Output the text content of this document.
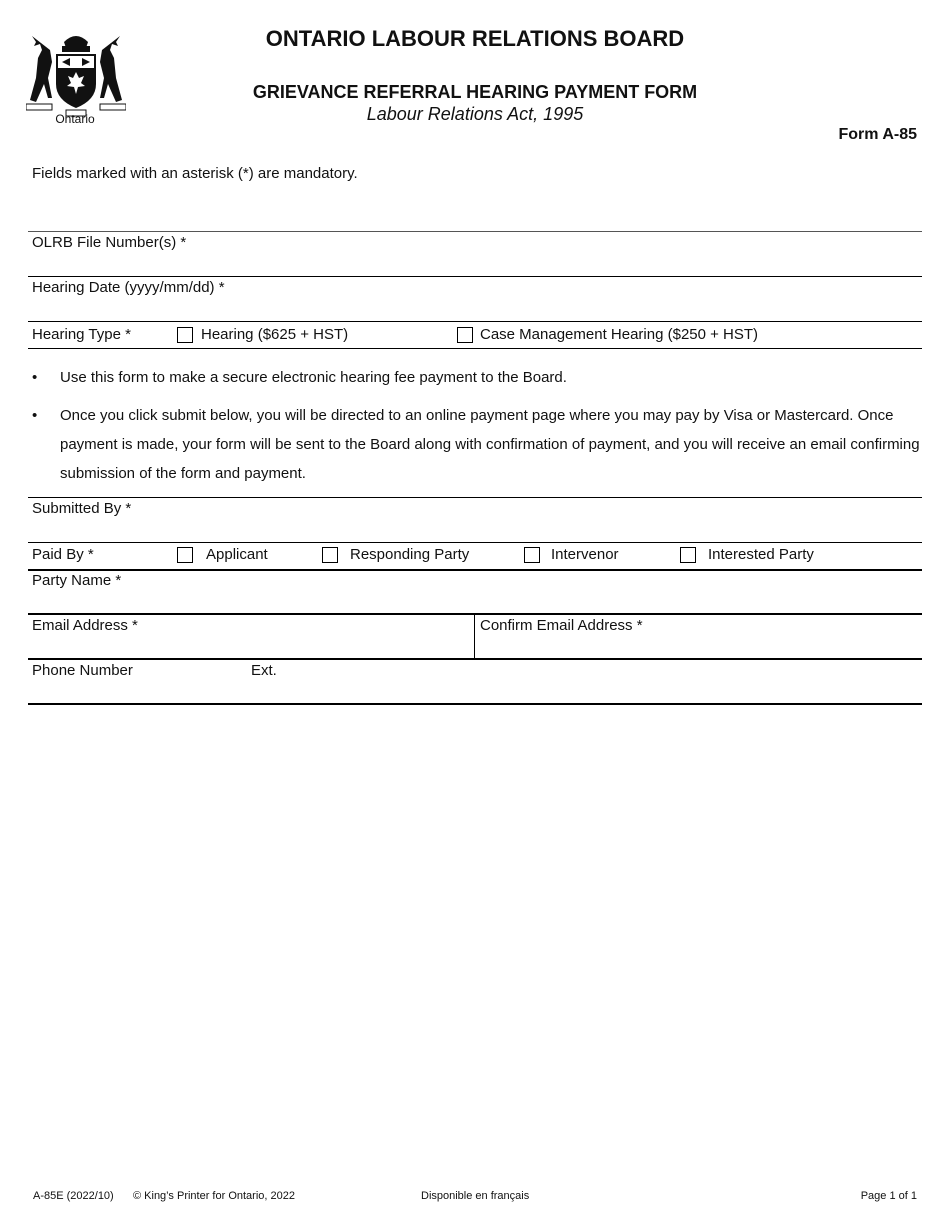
Ontario
ONTARIO LABOUR RELATIONS BOARD
GRIEVANCE REFERRAL HEARING PAYMENT FORM
Labour Relations Act, 1995
Form A-85
Fields marked with an asterisk (*) are mandatory.
OLRB File Number(s) *
Hearing Date (yyyy/mm/dd) *
Hearing Type *	Hearing ($625 + HST)	Case Management Hearing ($250 + HST)
• Use this form to make a secure electronic hearing fee payment to the Board.
• Once you click submit below, you will be directed to an online payment page where you may pay by Visa or Mastercard. Once payment is made, your form will be sent to the Board along with confirmation of payment, and you will receive an email confirming submission of the form and payment.
Submitted By *
Paid By *	Applicant	Responding Party	Intervenor	Interested Party
Party Name *
Email Address *	Confirm Email Address *
Phone Number	Ext.
A-85E (2022/10) © King’s Printer for Ontario, 2022	Disponible en français	Page 1 of 1
